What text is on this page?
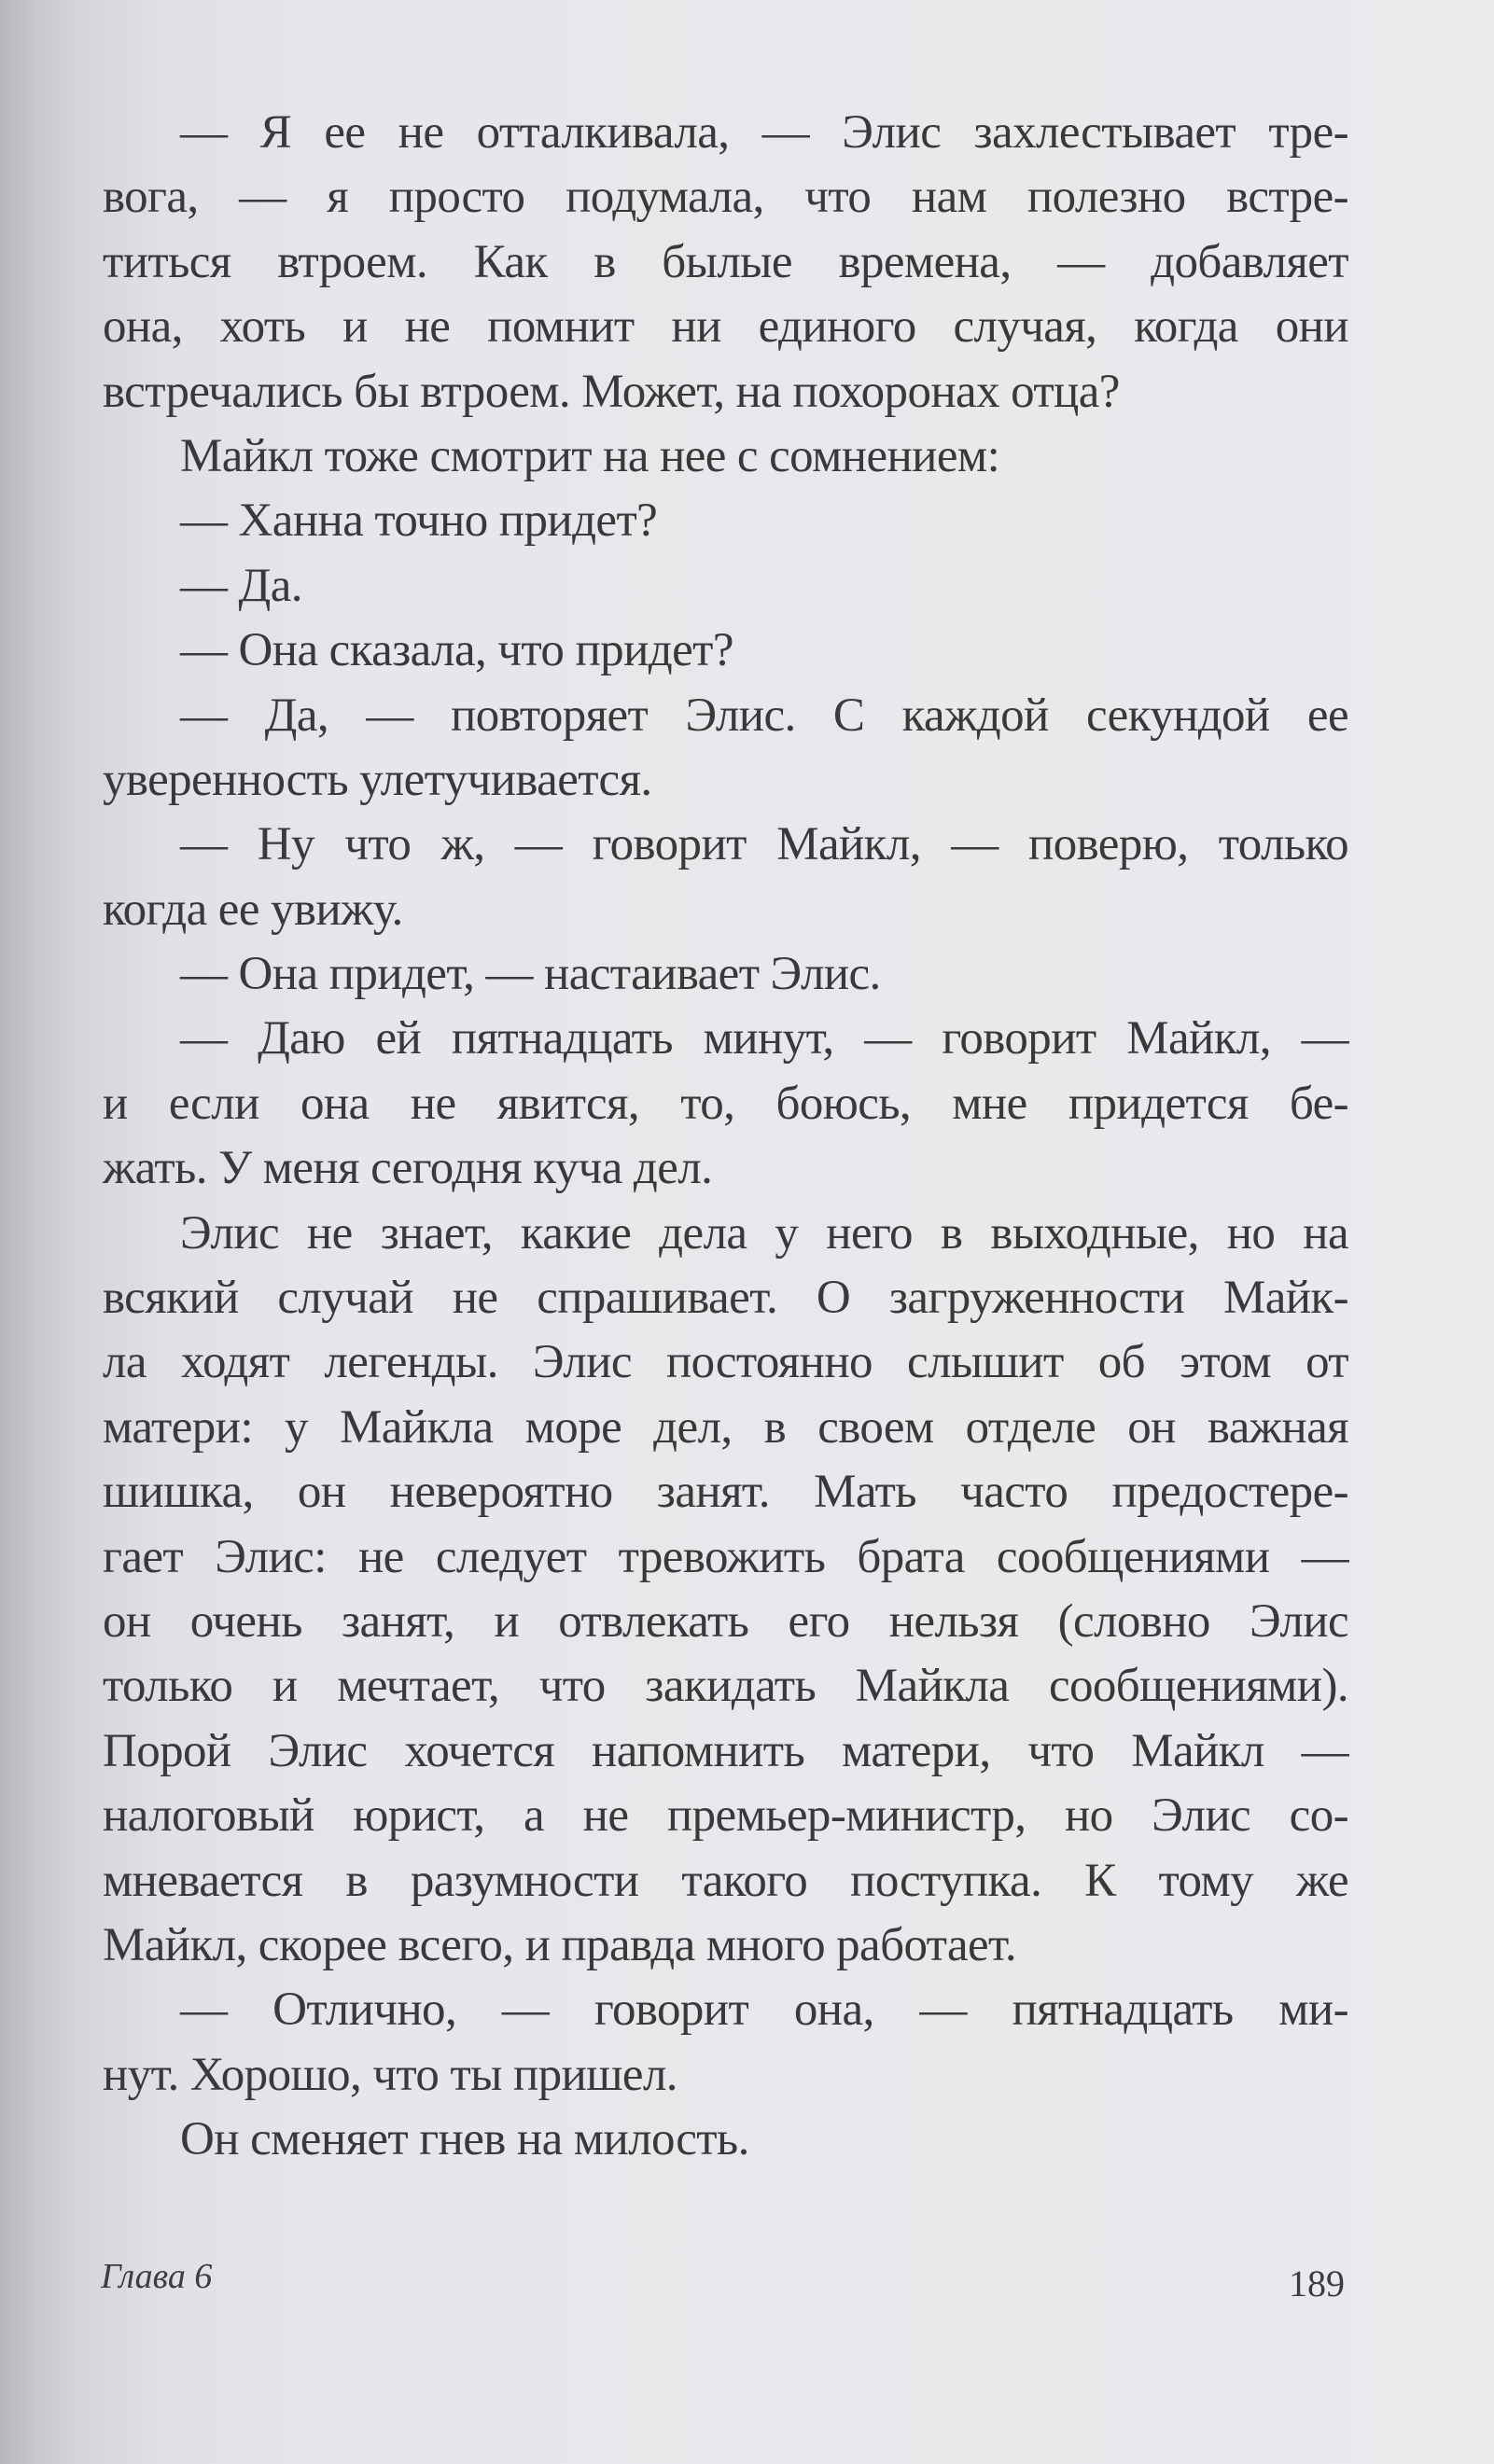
— Я ее не отталкивала, — Элис захлестывает тре-
вога, — я просто подумала, что нам полезно встре-
титься втроем. Как в былые времена, — добавляет
она, хоть и не помнит ни единого случая, когда они
встречались бы втроем. Может, на похоронах отца?
Майкл тоже смотрит на нее с сомнением:
— Ханна точно придет?
— Да.
— Она сказала, что придет?
— Да, — повторяет Элис. С каждой секундой ее
уверенность улетучивается.
— Ну что ж, — говорит Майкл, — поверю, только
когда ее увижу.
— Она придет, — настаивает Элис.
— Даю ей пятнадцать минут, — говорит Майкл, —
и если она не явится, то, боюсь, мне придется бе-
жать. У меня сегодня куча дел.
Элис не знает, какие дела у него в выходные, но на
всякий случай не спрашивает. О загруженности Майк-
ла ходят легенды. Элис постоянно слышит об этом от
матери: у Майкла море дел, в своем отделе он важная
шишка, он невероятно занят. Мать часто предостере-
гает Элис: не следует тревожить брата сообщениями —
он очень занят, и отвлекать его нельзя (словно Элис
только и мечтает, что закидать Майкла сообщениями).
Порой Элис хочется напомнить матери, что Майкл —
налоговый юрист, а не премьер-министр, но Элис со-
мневается в разумности такого поступка. К тому же
Майкл, скорее всего, и правда много работает.
— Отлично, — говорит она, — пятнадцать ми-
нут. Хорошо, что ты пришел.
Он сменяет гнев на милость.
Глава 6	189
